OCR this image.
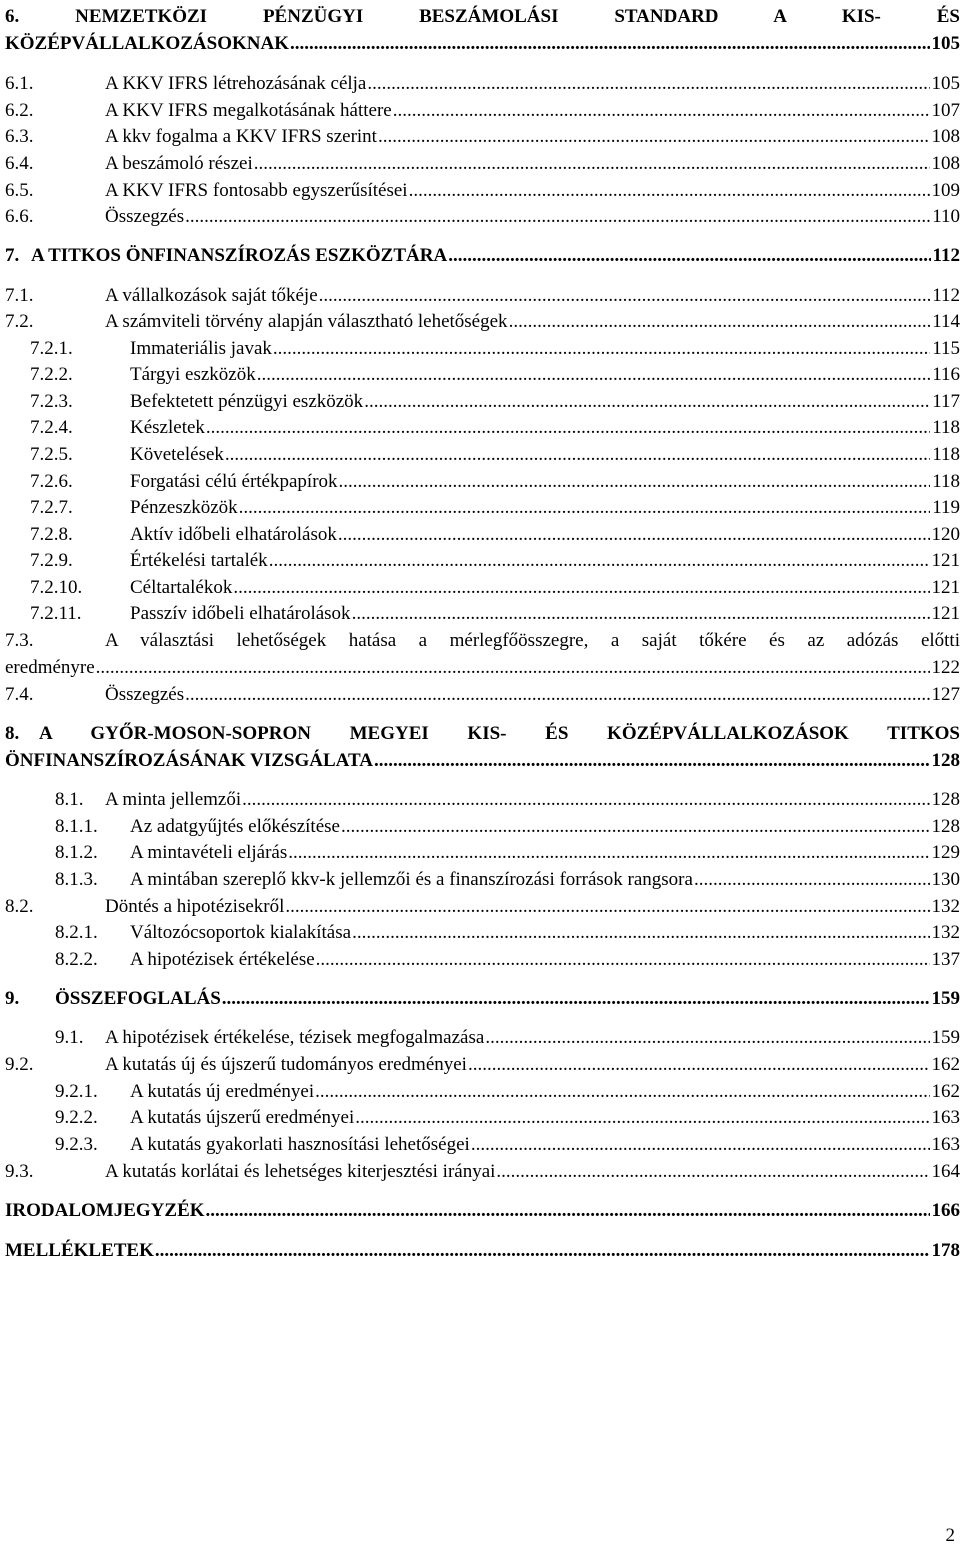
6. NEMZETKÖZI PÉNZÜGYI BESZÁMOLÁSI STANDARD A KIS- ÉS
KÖZÉPVÁLLALKOZÁSOKNAK .....	105
6.1.	A KKV IFRS létrehozásának célja .....	105
6.2.	A KKV IFRS megalkotásának háttere .....	107
6.3.	A kkv fogalma a KKV IFRS szerint .....	108
6.4.	A beszámoló részei .....	108
6.5.	A KKV IFRS fontosabb egyszerűsítései .....	109
6.6.	Összegzés .....	110
7. A TITKOS ÖNFINANSZÍROZÁS ESZKÖZTÁRA .....	112
7.1.	A vállalkozások saját tőkéje .....	112
7.2.	A számviteli törvény alapján választható lehetőségek .....	114
7.2.1.	Immateriális javak .....	115
7.2.2.	Tárgyi eszközök .....	116
7.2.3.	Befektetett pénzügyi eszközök .....	117
7.2.4.	Készletek .....	118
7.2.5.	Követelések .....	118
7.2.6.	Forgatási célú értékpapírok .....	118
7.2.7.	Pénzeszközök .....	119
7.2.8.	Aktív időbeli elhatárolások .....	120
7.2.9.	Értékelési tartalék .....	121
7.2.10.	Céltartalékok .....	121
7.2.11.	Passzív időbeli elhatárolások .....	121
7.3.	A választási lehetőségek hatása a mérlegfőösszegre, a saját tőkére és az adózás előtti
eredményre .....	122
7.4.	Összegzés .....	127
8. A GYŐR-MOSON-SOPRON MEGYEI KIS- ÉS KÖZÉPVÁLLALKOZÁSOK TITKOS
ÖNFINANSZÍROZÁSÁNAK VIZSGÁLATA .....	128
8.1.	A minta jellemzői .....	128
8.1.1.	Az adatgyűjtés előkészítése .....	128
8.1.2.	A mintavételi eljárás .....	129
8.1.3.	A mintában szereplő kkv-k jellemzői és a finanszírozási források rangsora .....	130
8.2.	Döntés a hipotézisekről .....	132
8.2.1.	Változócsoportok kialakítása .....	132
8.2.2.	A hipotézisek értékelése .....	137
9.	ÖSSZEFOGLALÁS .....	159
9.1.	A hipotézisek értékelése, tézisek megfogalmazása .....	159
9.2.	A kutatás új és újszerű tudományos eredményei .....	162
9.2.1.	A kutatás új eredményei .....	162
9.2.2.	A kutatás újszerű eredményei .....	163
9.2.3.	A kutatás gyakorlati hasznosítási lehetőségei .....	163
9.3.	A kutatás korlátai és lehetséges kiterjesztési irányai .....	164
IRODALOMJEGYZÉK .....	166
MELLÉKLETEK .....	178
2
